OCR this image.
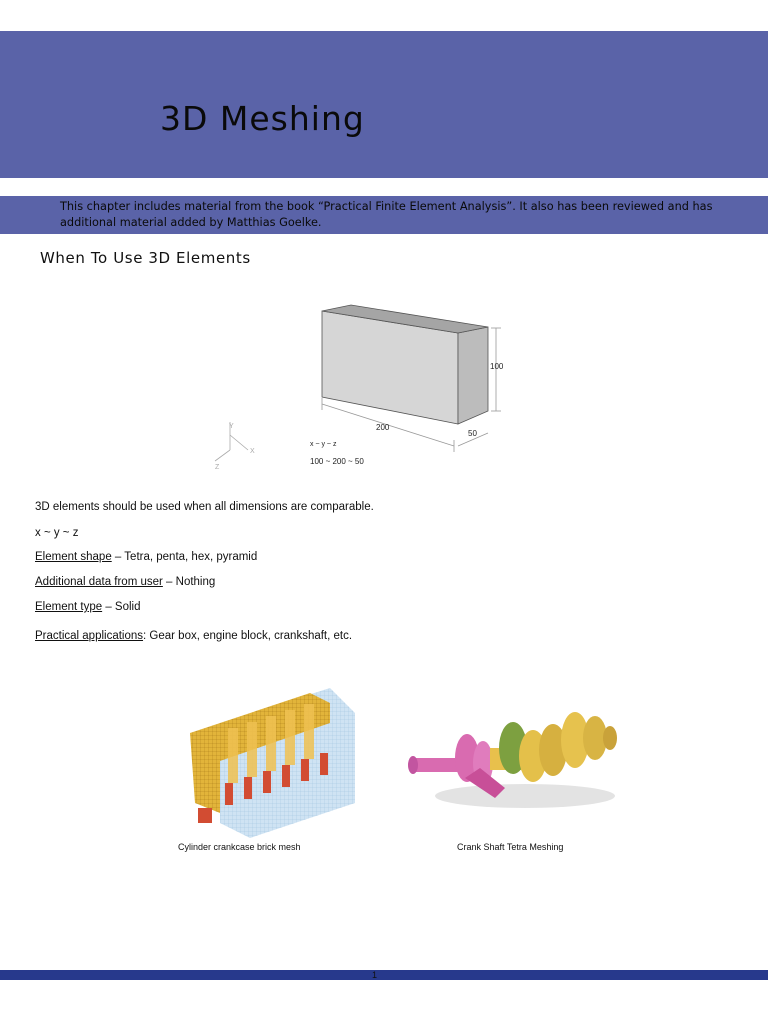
3D Meshing

This chapter includes material from the book “Practical Finite Element Analysis”. It also has been reviewed and has additional material added by Matthias Goelke.

When To Use 3D Elements
100
200
50
x ~ y ~ z
100 ~ 200 ~ 50
Y
X
Z

3D elements should be used when all dimensions are comparable.

x ~ y ~ z

Element shape – Tetra, penta, hex, pyramid

Additional data from user – Nothing

Element type – Solid

Practical applications: Gear box, engine block, crankshaft, etc.

Cylinder crankcase brick mesh	Crank Shaft Tetra Meshing

1
